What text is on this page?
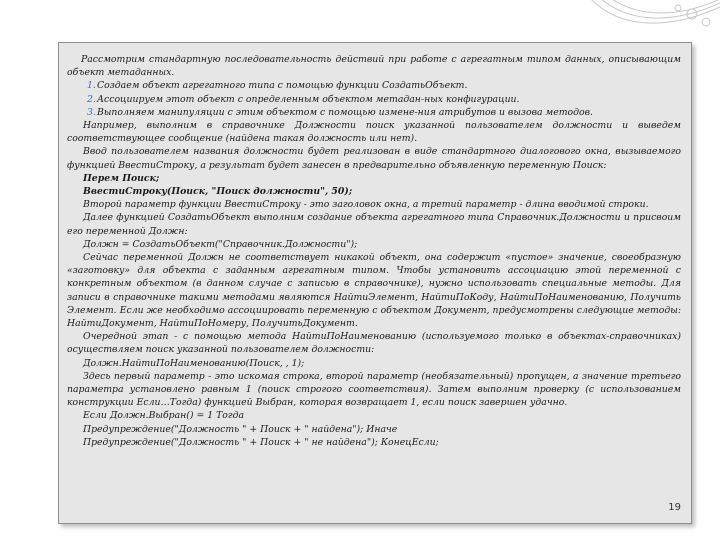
Рассмотрим стандартную последовательность действий при работе с агрегатным типом данных, описывающим объект метаданных.

1. Создаем объект агрегатного типа с помощью функции СоздатьОбъект.

2. Ассоциируем этот объект с определенным объектом метадан-ных конфигурации.

3. Выполняем манипуляции с этим объектом с помощью изменe-ния атрибутов и вызова методов.

Например, выполним в справочнике Должности поиск указанной пользователем должности и выведем соответствующее сообщение (найдена такая должность или нет).

Ввод пользователем названия должности будет реализован в виде стандартного диалогового окна, вызываемого функцией ВвестиСтроку, а результат будет занесен в предварительно объявленную переменную Поиск:

Перем Поиск;

ВвестиСтроку(Поиск, "Поиск должности", 50);

Второй параметр функции ВвестиСтроку - это заголовок окна, а третий параметр - длина вводимой строки.

Далее функцией СоздатьОбъект выполним создание объекта агрегатного типа Справочник.Должности и присвоим его переменной Должн:

Должн = СоздатьОбъект("Справочник.Должности");

Сейчас переменной Должн не соответствует никакой объект, она содержит «пустое» значение, своеобразную «заготовку» для объекта с заданным агрегатным типом. Чтобы установить ассоциацию этой переменной с конкретным объектом (в данном случае с записью в справочнике), нужно использовать специальные методы. Для записи в справочнике такими методами являются НайтиЭлемент, НайтиПоКоду, НайтиПоНаименованию, Получить Элемент. Если же необходимо ассоциировать переменную с объектом Документ, предусмотрены следующие методы: НайтиДокумент, НайтиПоНомеру, ПолучитьДокумент.

Очередной этап - с помощью метода НайтиПоНаименованию (используемого только в объектах-справочниках) осуществляем поиск указанной пользователем должности:

Должн.НайтиПоНаименованию(Поиск, , 1);

Здесь первый параметр - это искомая строка, второй параметр (необязательный) пропущен, а значение третьего параметра установлено равным 1 (поиск строгого соответствия). Затем выполним проверку (с использованием конструкции Если…Тогда) функцией Выбран, которая возвращает 1, если поиск завершен удачно.

Если Должн.Выбран() = 1 Тогда

Предупреждение("Должность " + Поиск + " найдена"); Иначе

Предупреждение("Должность " + Поиск + " не найдена"); КонецЕсли;

19
